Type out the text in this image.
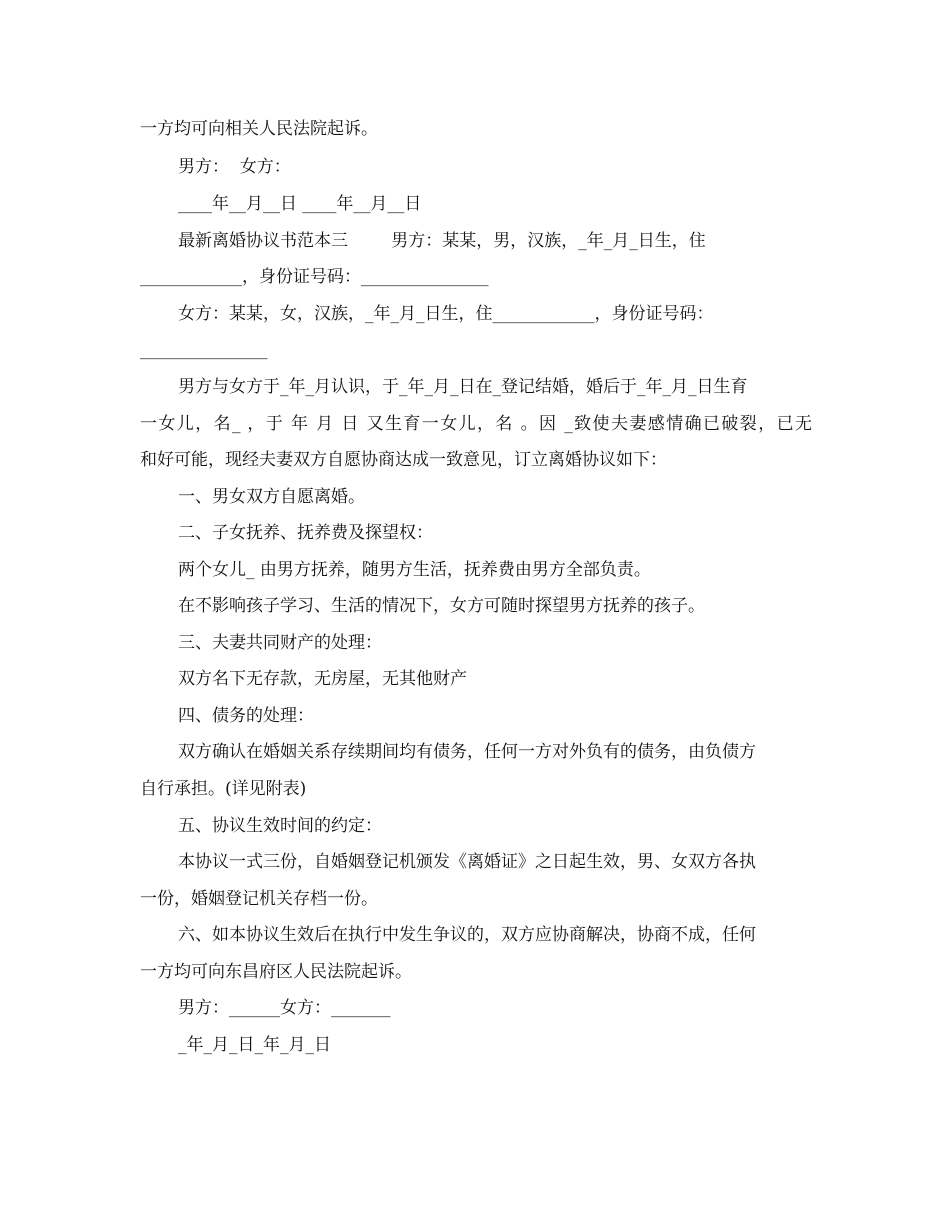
一方均可向相关人民法院起诉。
男方：  女方：
____年__月__日 ____年__月__日
最新离婚协议书范本三        男方：某某，男，汉族，_年_月_日生，住
____________，身份证号码：_______________
女方：某某，女，汉族，_年_月_日生，住____________，身份证号码：
_______________
男方与女方于_年_月认识，于_年_月_日在_登记结婚，婚后于_年_月_日生育
一女儿，名_ ，于 年 月 日 又生育一女儿，名 。因 _致使夫妻感情确已破裂，已无
和好可能，现经夫妻双方自愿协商达成一致意见，订立离婚协议如下：
一、男女双方自愿离婚。
二、子女抚养、抚养费及探望权：
两个女儿_ 由男方抚养，随男方生活，抚养费由男方全部负责。
在不影响孩子学习、生活的情况下，女方可随时探望男方抚养的孩子。
三、夫妻共同财产的处理：
双方名下无存款，无房屋，无其他财产
四、债务的处理：
双方确认在婚姻关系存续期间均有债务，任何一方对外负有的债务，由负债方
自行承担。(详见附表)
五、协议生效时间的约定：
本协议一式三份，自婚姻登记机颁发《离婚证》之日起生效，男、女双方各执
一份，婚姻登记机关存档一份。
六、如本协议生效后在执行中发生争议的，双方应协商解决，协商不成，任何
一方均可向东昌府区人民法院起诉。
男方：______女方：_______
_年_月_日_年_月_日
